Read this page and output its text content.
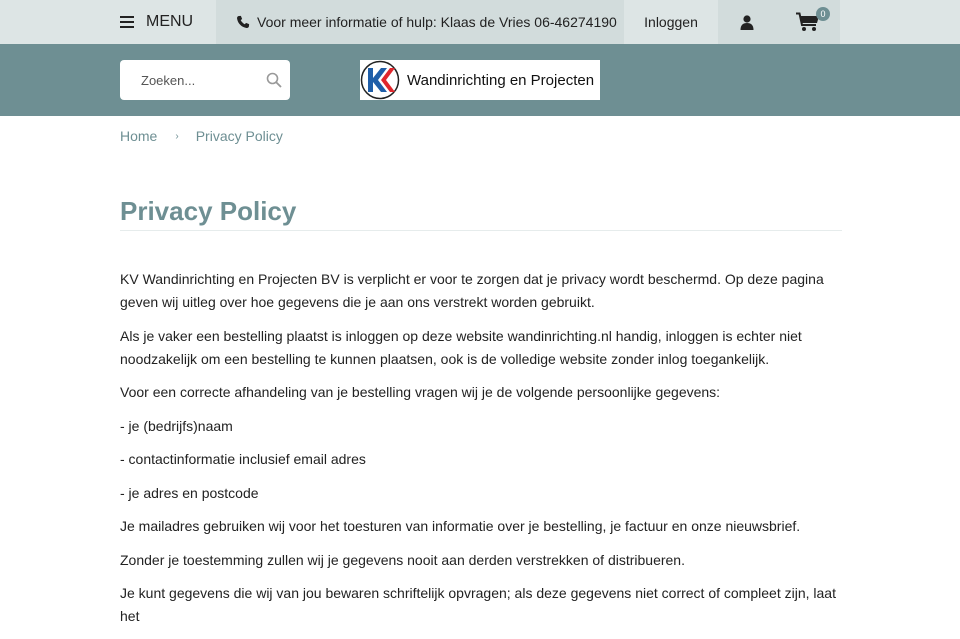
MENU	Voor meer informatie of hulp: Klaas de Vries 06-46274190	Inloggen	0
Zoeken...
Wandinrichting en Projecten
Home › Privacy Policy
Privacy Policy

KV Wandinrichting en Projecten BV is verplicht er voor te zorgen dat je privacy wordt beschermd. Op deze pagina geven wij uitleg over hoe gegevens die je aan ons verstrekt worden gebruikt.

Als je vaker een bestelling plaatst is inloggen op deze website wandinrichting.nl handig, inloggen is echter niet noodzakelijk om een bestelling te kunnen plaatsen, ook is de volledige website zonder inlog toegankelijk.

Voor een correcte afhandeling van je bestelling vragen wij je de volgende persoonlijke gegevens:

- je (bedrijfs)naam

- contactinformatie inclusief email adres

- je adres en postcode

Je mailadres gebruiken wij voor het toesturen van informatie over je bestelling, je factuur en onze nieuwsbrief.

Zonder je toestemming zullen wij je gegevens nooit aan derden verstrekken of distribueren.

Je kunt gegevens die wij van jou bewaren schriftelijk opvragen; als deze gegevens niet correct of compleet zijn, laat het
